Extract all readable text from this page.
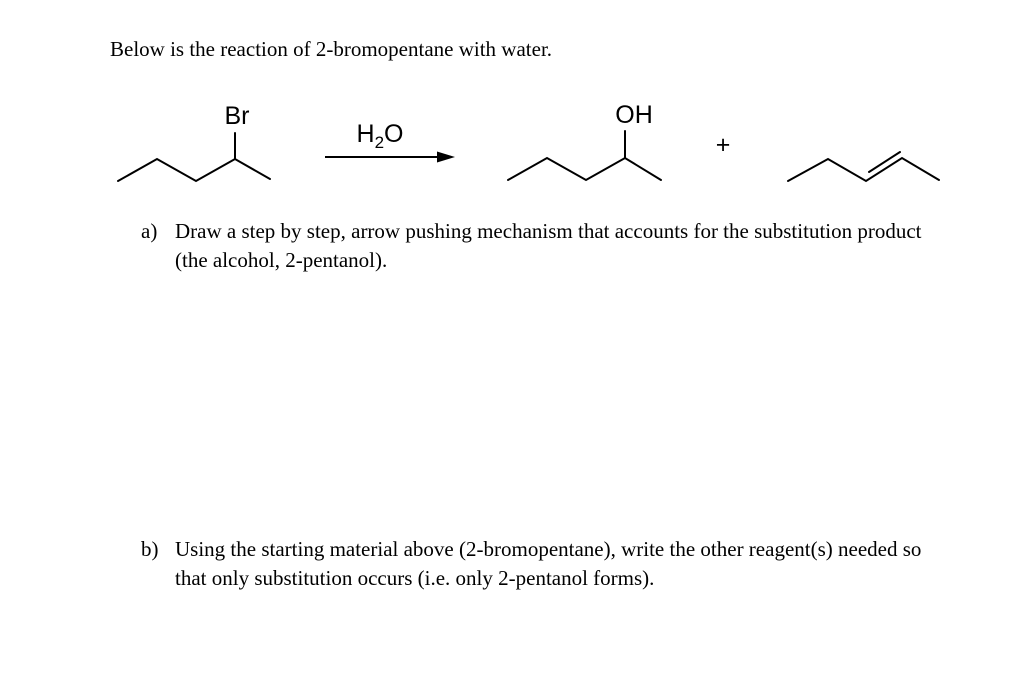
Below is the reaction of 2-bromopentane with water.
Br
$H_2O$
OH
+
a) Draw a step by step, arrow pushing mechanism that accounts for the substitution product (the alcohol, 2-pentanol).
b) Using the starting material above (2-bromopentane), write the other reagent(s) needed so that only substitution occurs (i.e. only 2-pentanol forms).
